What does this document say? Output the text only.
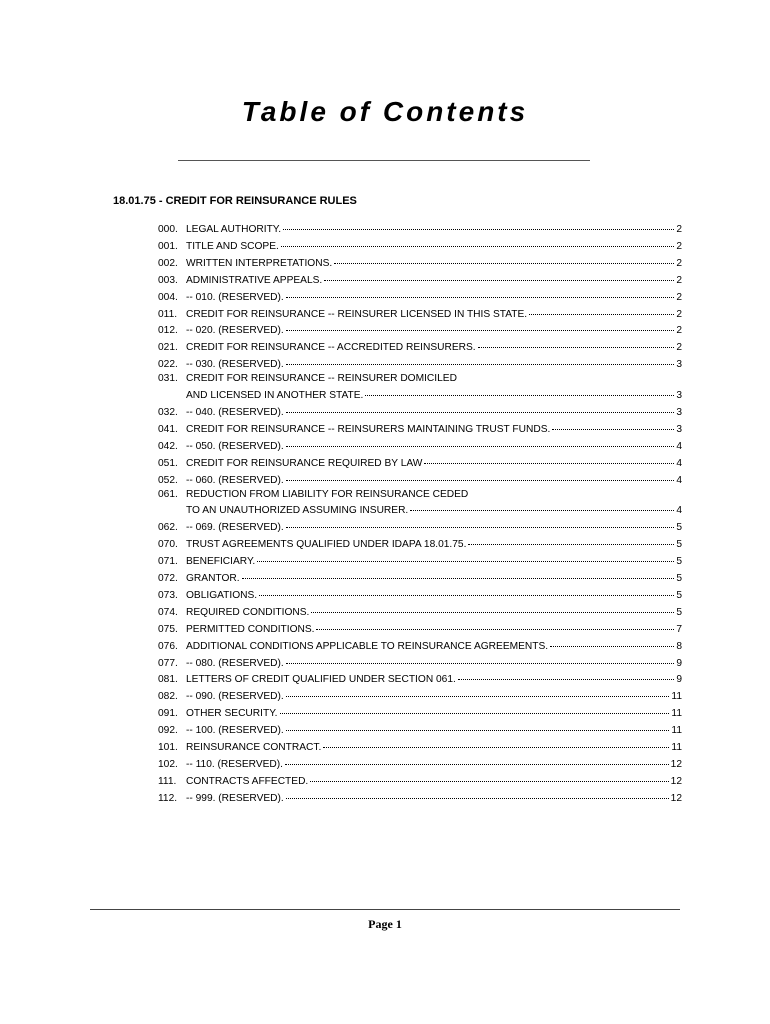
Table of Contents
18.01.75 - CREDIT FOR REINSURANCE RULES
000. LEGAL AUTHORITY.	2
001. TITLE AND SCOPE.	2
002. WRITTEN INTERPRETATIONS.	2
003. ADMINISTRATIVE APPEALS.	2
004. -- 010. (RESERVED).	2
011. CREDIT FOR REINSURANCE -- REINSURER LICENSED IN THIS STATE.	2
012. -- 020. (RESERVED).	2
021. CREDIT FOR REINSURANCE -- ACCREDITED REINSURERS.	2
022. -- 030. (RESERVED).	3
031. CREDIT FOR REINSURANCE -- REINSURER DOMICILED
AND LICENSED IN ANOTHER STATE.	3
032. -- 040. (RESERVED).	3
041. CREDIT FOR REINSURANCE -- REINSURERS MAINTAINING TRUST FUNDS.	3
042. -- 050. (RESERVED).	4
051. CREDIT FOR REINSURANCE REQUIRED BY LAW	4
052. -- 060. (RESERVED).	4
061. REDUCTION FROM LIABILITY FOR REINSURANCE CEDED
TO AN UNAUTHORIZED ASSUMING INSURER.	4
062. -- 069. (RESERVED).	5
070. TRUST AGREEMENTS QUALIFIED UNDER IDAPA 18.01.75.	5
071. BENEFICIARY.	5
072. GRANTOR.	5
073. OBLIGATIONS.	5
074. REQUIRED CONDITIONS.	5
075. PERMITTED CONDITIONS.	7
076. ADDITIONAL CONDITIONS APPLICABLE TO REINSURANCE AGREEMENTS.	8
077. -- 080. (RESERVED).	9
081. LETTERS OF CREDIT QUALIFIED UNDER SECTION 061.	9
082. -- 090. (RESERVED).	11
091. OTHER SECURITY.	11
092. -- 100. (RESERVED).	11
101. REINSURANCE CONTRACT.	11
102. -- 110. (RESERVED).	12
111. CONTRACTS AFFECTED.	12
112. -- 999. (RESERVED).	12
Page 1
